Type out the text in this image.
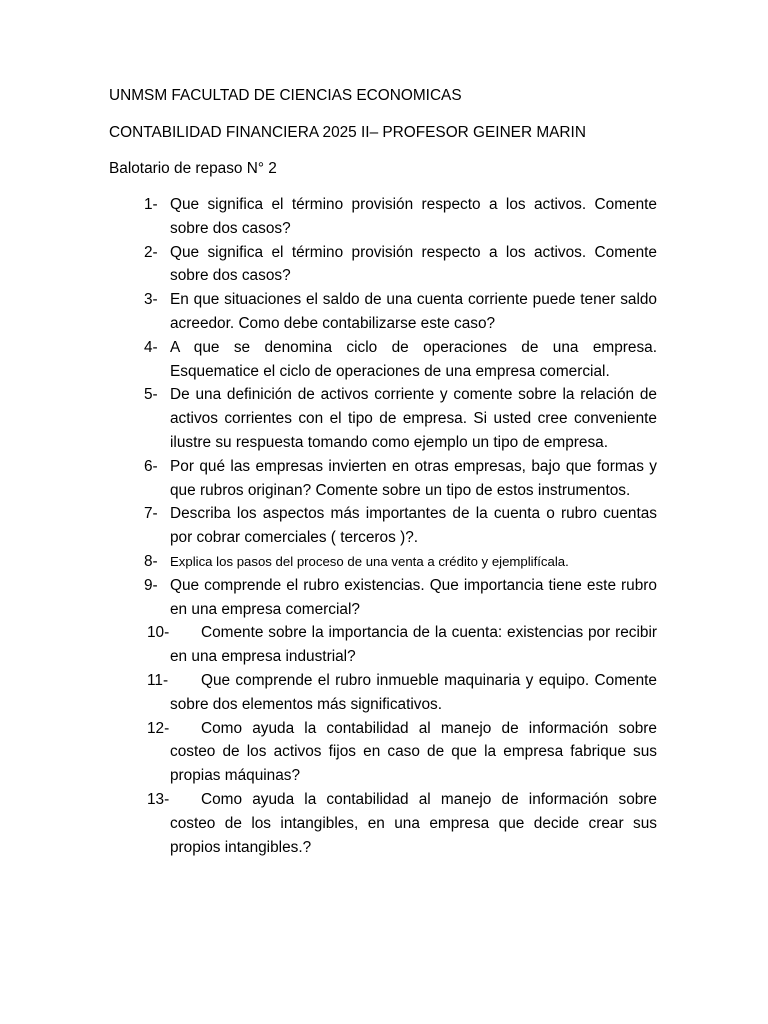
UNMSM FACULTAD DE CIENCIAS ECONOMICAS
CONTABILIDAD FINANCIERA 2025 II– PROFESOR GEINER MARIN
Balotario de repaso N° 2
1- Que significa el término provisión respecto a los activos. Comente sobre dos casos?
2- Que significa el término provisión respecto a los activos. Comente sobre dos casos?
3- En que situaciones el saldo de una cuenta corriente puede tener saldo acreedor. Como debe contabilizarse este caso?
4- A que se denomina ciclo de operaciones de una empresa. Esquematice el ciclo de operaciones de una empresa comercial.
5- De una definición de activos corriente y comente sobre la relación de activos corrientes con el tipo de empresa. Si usted cree conveniente ilustre su respuesta tomando como ejemplo un tipo de empresa.
6- Por qué las empresas invierten en otras empresas, bajo que formas y que rubros originan? Comente sobre un tipo de estos instrumentos.
7- Describa los aspectos más importantes de la cuenta o rubro cuentas por cobrar comerciales ( terceros )?.
8- Explica los pasos del proceso de una venta a crédito y ejemplifícala.
9- Que comprende el rubro existencias. Que importancia tiene este rubro en una empresa comercial?
10- Comente sobre la importancia de la cuenta: existencias por recibir en una empresa industrial?
11- Que comprende el rubro inmueble maquinaria y equipo. Comente sobre dos elementos más significativos.
12- Como ayuda la contabilidad al manejo de información sobre costeo de los activos fijos en caso de que la empresa fabrique sus propias máquinas?
13- Como ayuda la contabilidad al manejo de información sobre costeo de los intangibles, en una empresa que decide crear sus propios intangibles.?
